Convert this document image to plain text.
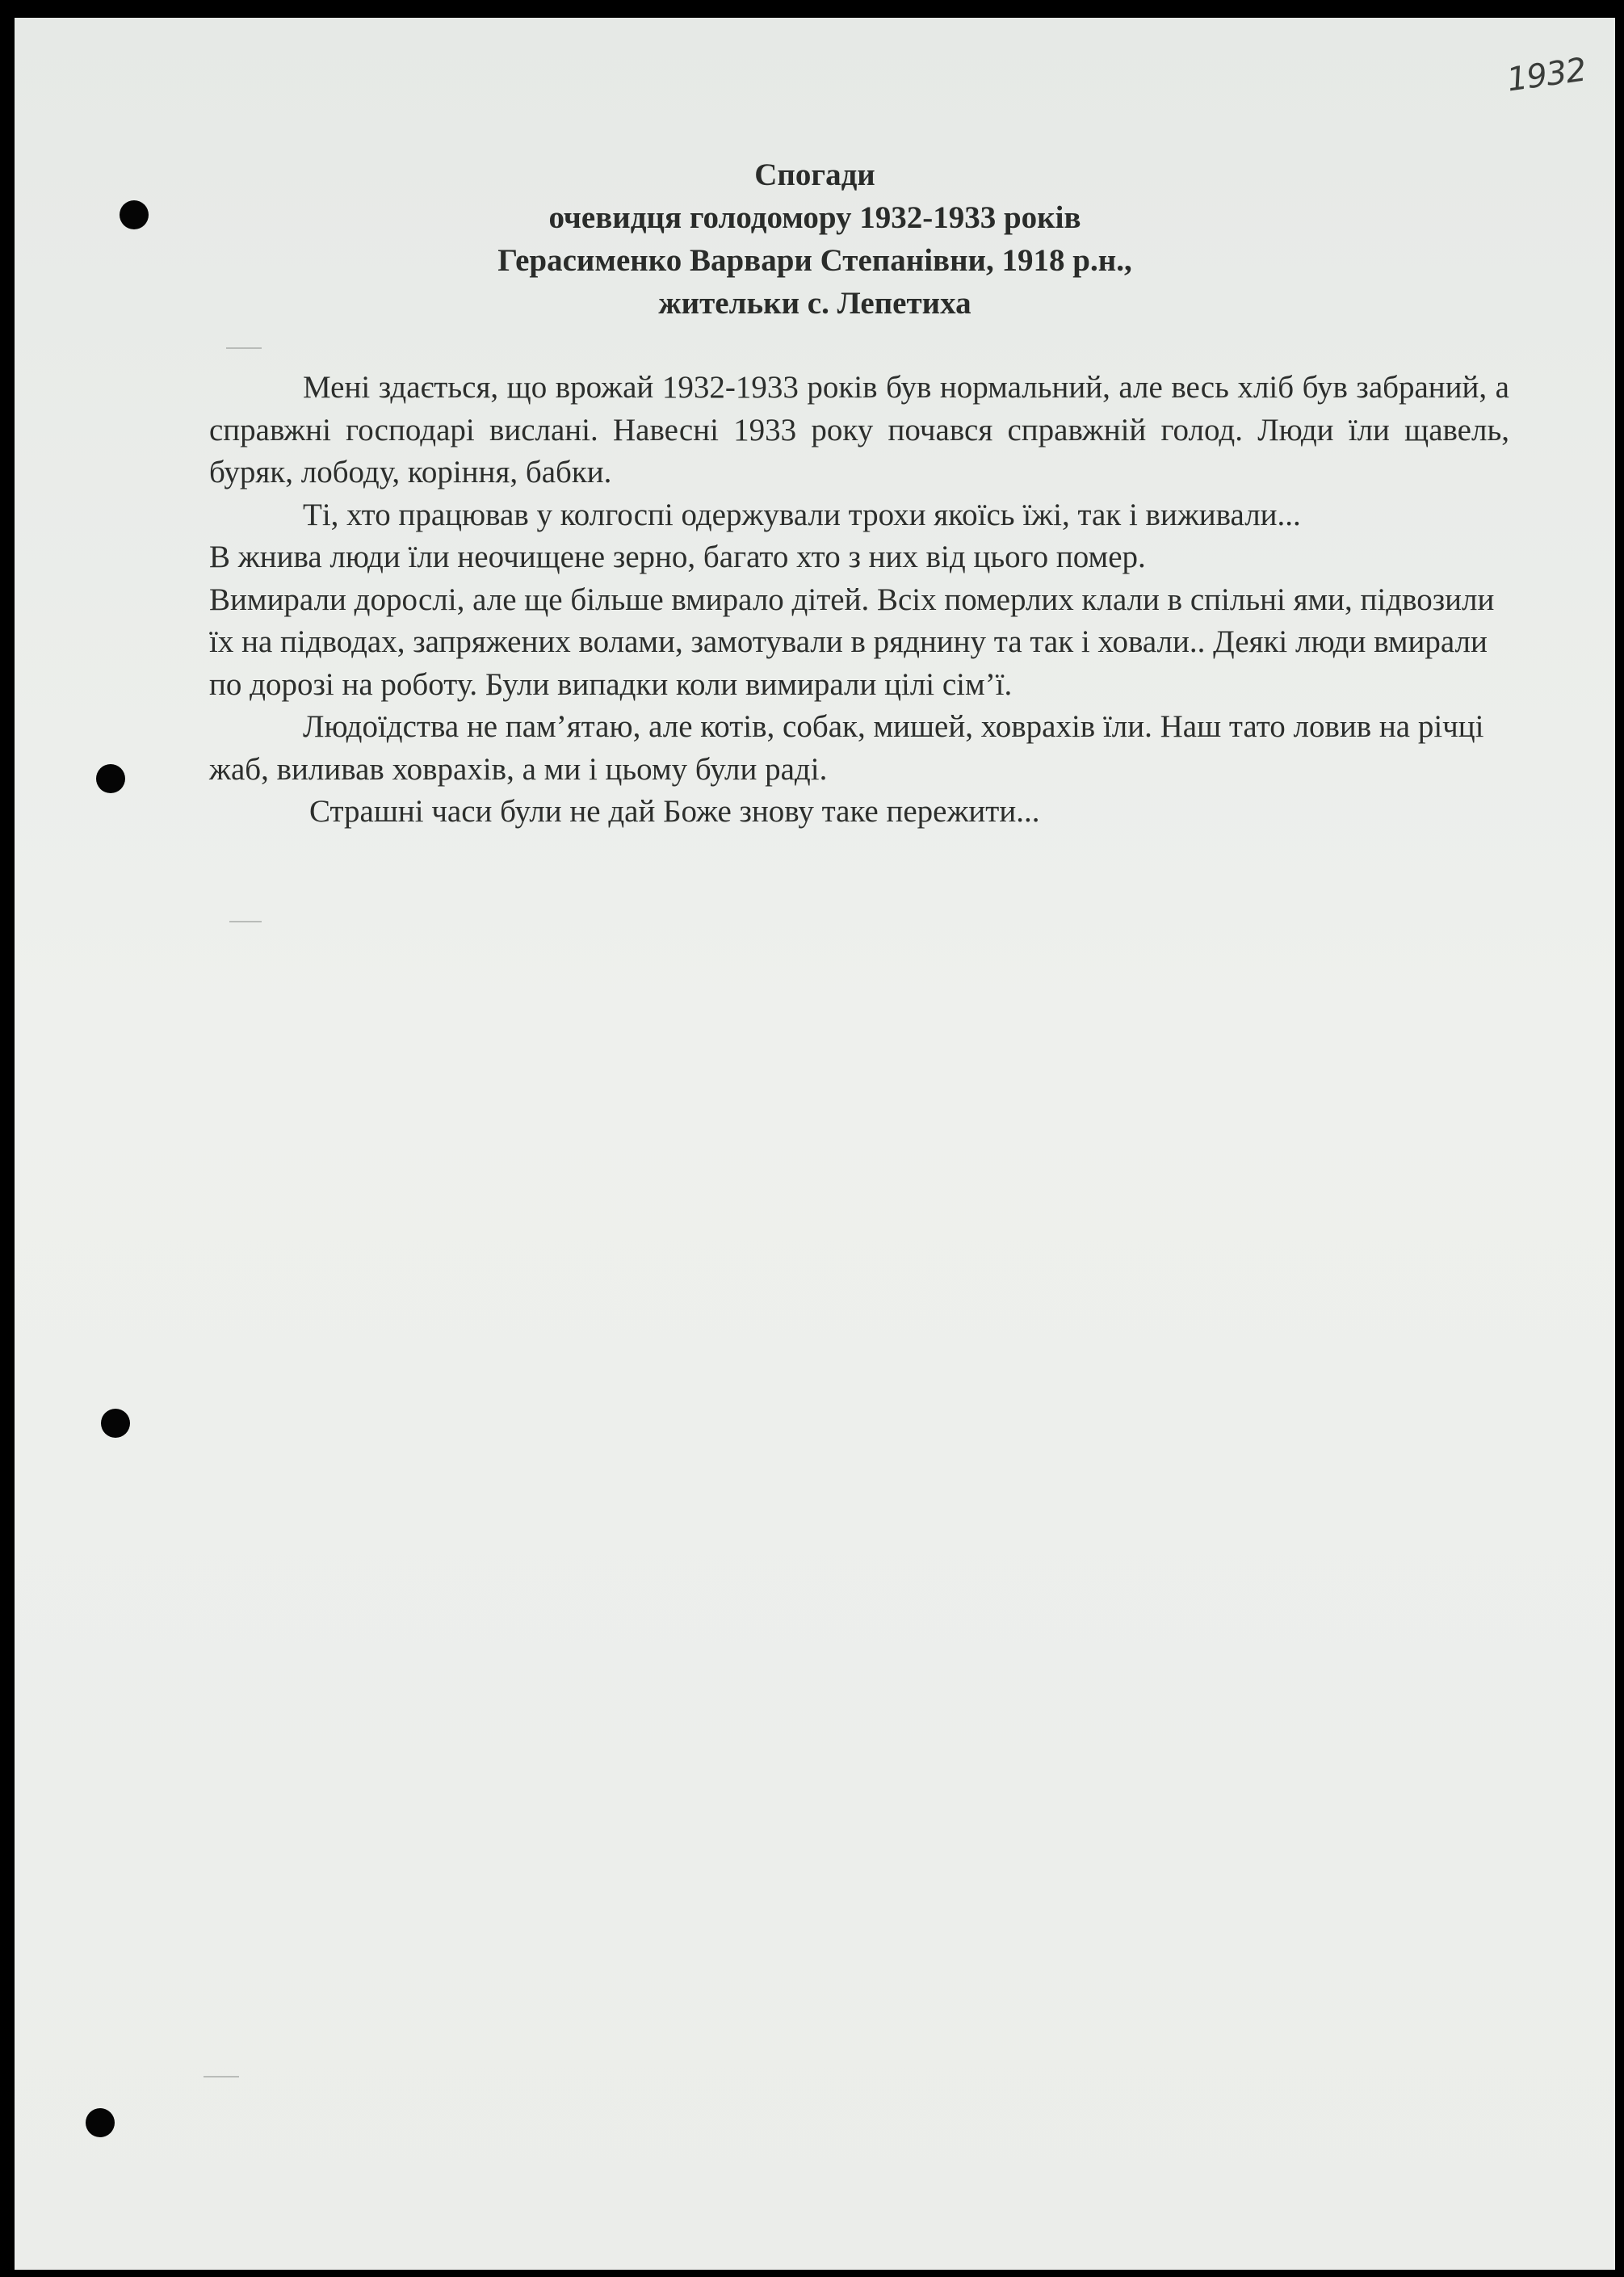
1932
Спогади
очевидця голодомору 1932-1933 років
Герасименко Варвари Степанівни, 1918 р.н.,
жительки с. Лепетиха

Мені здається, що врожай 1932-1933 років був нормальний, але весь хліб був забраний, а справжні господарі вислані. Навесні 1933 року почався справжній голод. Люди їли щавель, буряк, лободу, коріння, бабки.

Ті, хто працював у колгоспі одержували трохи якоїсь їжі, так і виживали...

В жнива люди їли неочищене зерно, багато хто з них від цього помер.

Вимирали дорослі, але ще більше вмирало дітей. Всіх померлих клали в спільні ями, підвозили їх на підводах, запряжених волами, замотували в ряднину та так і ховали.. Деякі люди вмирали по дорозі на роботу. Були випадки коли вимирали цілі сім’ї.

Людоїдства не пам’ятаю, але котів, собак, мишей, ховрахів їли. Наш тато ловив на річці жаб, виливав ховрахів, а ми і цьому були раді.

Страшні часи були не дай Боже знову таке пережити...
